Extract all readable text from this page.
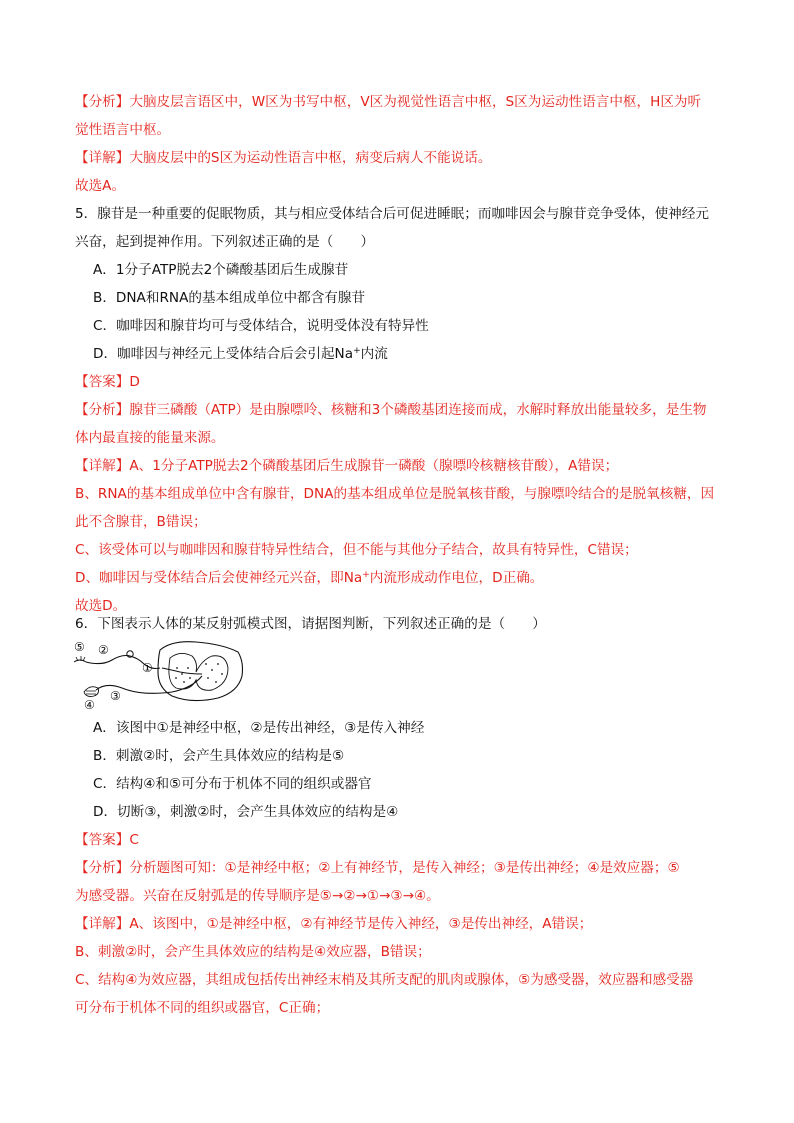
【分析】大脑皮层言语区中，W区为书写中枢，V区为视觉性语言中枢，S区为运动性语言中枢，H区为听
觉性语言中枢。
【详解】大脑皮层中的S区为运动性语言中枢，病变后病人不能说话。
故选A。
5．腺苷是一种重要的促眠物质，其与相应受体结合后可促进睡眠；而咖啡因会与腺苷竞争受体，使神经元
兴奋，起到提神作用。下列叙述正确的是（　　）
A．1分子ATP脱去2个磷酸基团后生成腺苷
B．DNA和RNA的基本组成单位中都含有腺苷
C．咖啡因和腺苷均可与受体结合，说明受体没有特异性
D．咖啡因与神经元上受体结合后会引起Na+内流
【答案】D
【分析】腺苷三磷酸（ATP）是由腺嘌呤、核糖和3个磷酸基团连接而成，水解时释放出能量较多，是生物
体内最直接的能量来源。
【详解】A、1分子ATP脱去2个磷酸基团后生成腺苷一磷酸（腺嘌呤核糖核苷酸），A错误；
B、RNA的基本组成单位中含有腺苷，DNA的基本组成单位是脱氧核苷酸，与腺嘌呤结合的是脱氧核糖，因
此不含腺苷，B错误；
C、该受体可以与咖啡因和腺苷特异性结合，但不能与其他分子结合，故具有特异性，C错误；
D、咖啡因与受体结合后会使神经元兴奋，即Na+内流形成动作电位，D正确。
故选D。
6．下图表示人体的某反射弧模式图，请据图判断，下列叙述正确的是（　　）
⑤ ②
①
④
③
A．该图中①是神经中枢，②是传出神经，③是传入神经
B．刺激②时，会产生具体效应的结构是⑤
C．结构④和⑤可分布于机体不同的组织或器官
D．切断③，刺激②时，会产生具体效应的结构是④
【答案】C
【分析】分析题图可知：①是神经中枢；②上有神经节，是传入神经；③是传出神经；④是效应器；⑤
为感受器。兴奋在反射弧是的传导顺序是⑤→②→①→③→④。
【详解】A、该图中，①是神经中枢，②有神经节是传入神经，③是传出神经，A错误；
B、刺激②时，会产生具体效应的结构是④效应器，B错误；
C、结构④为效应器，其组成包括传出神经末梢及其所支配的肌肉或腺体，⑤为感受器，效应器和感受器
可分布于机体不同的组织或器官，C正确；
